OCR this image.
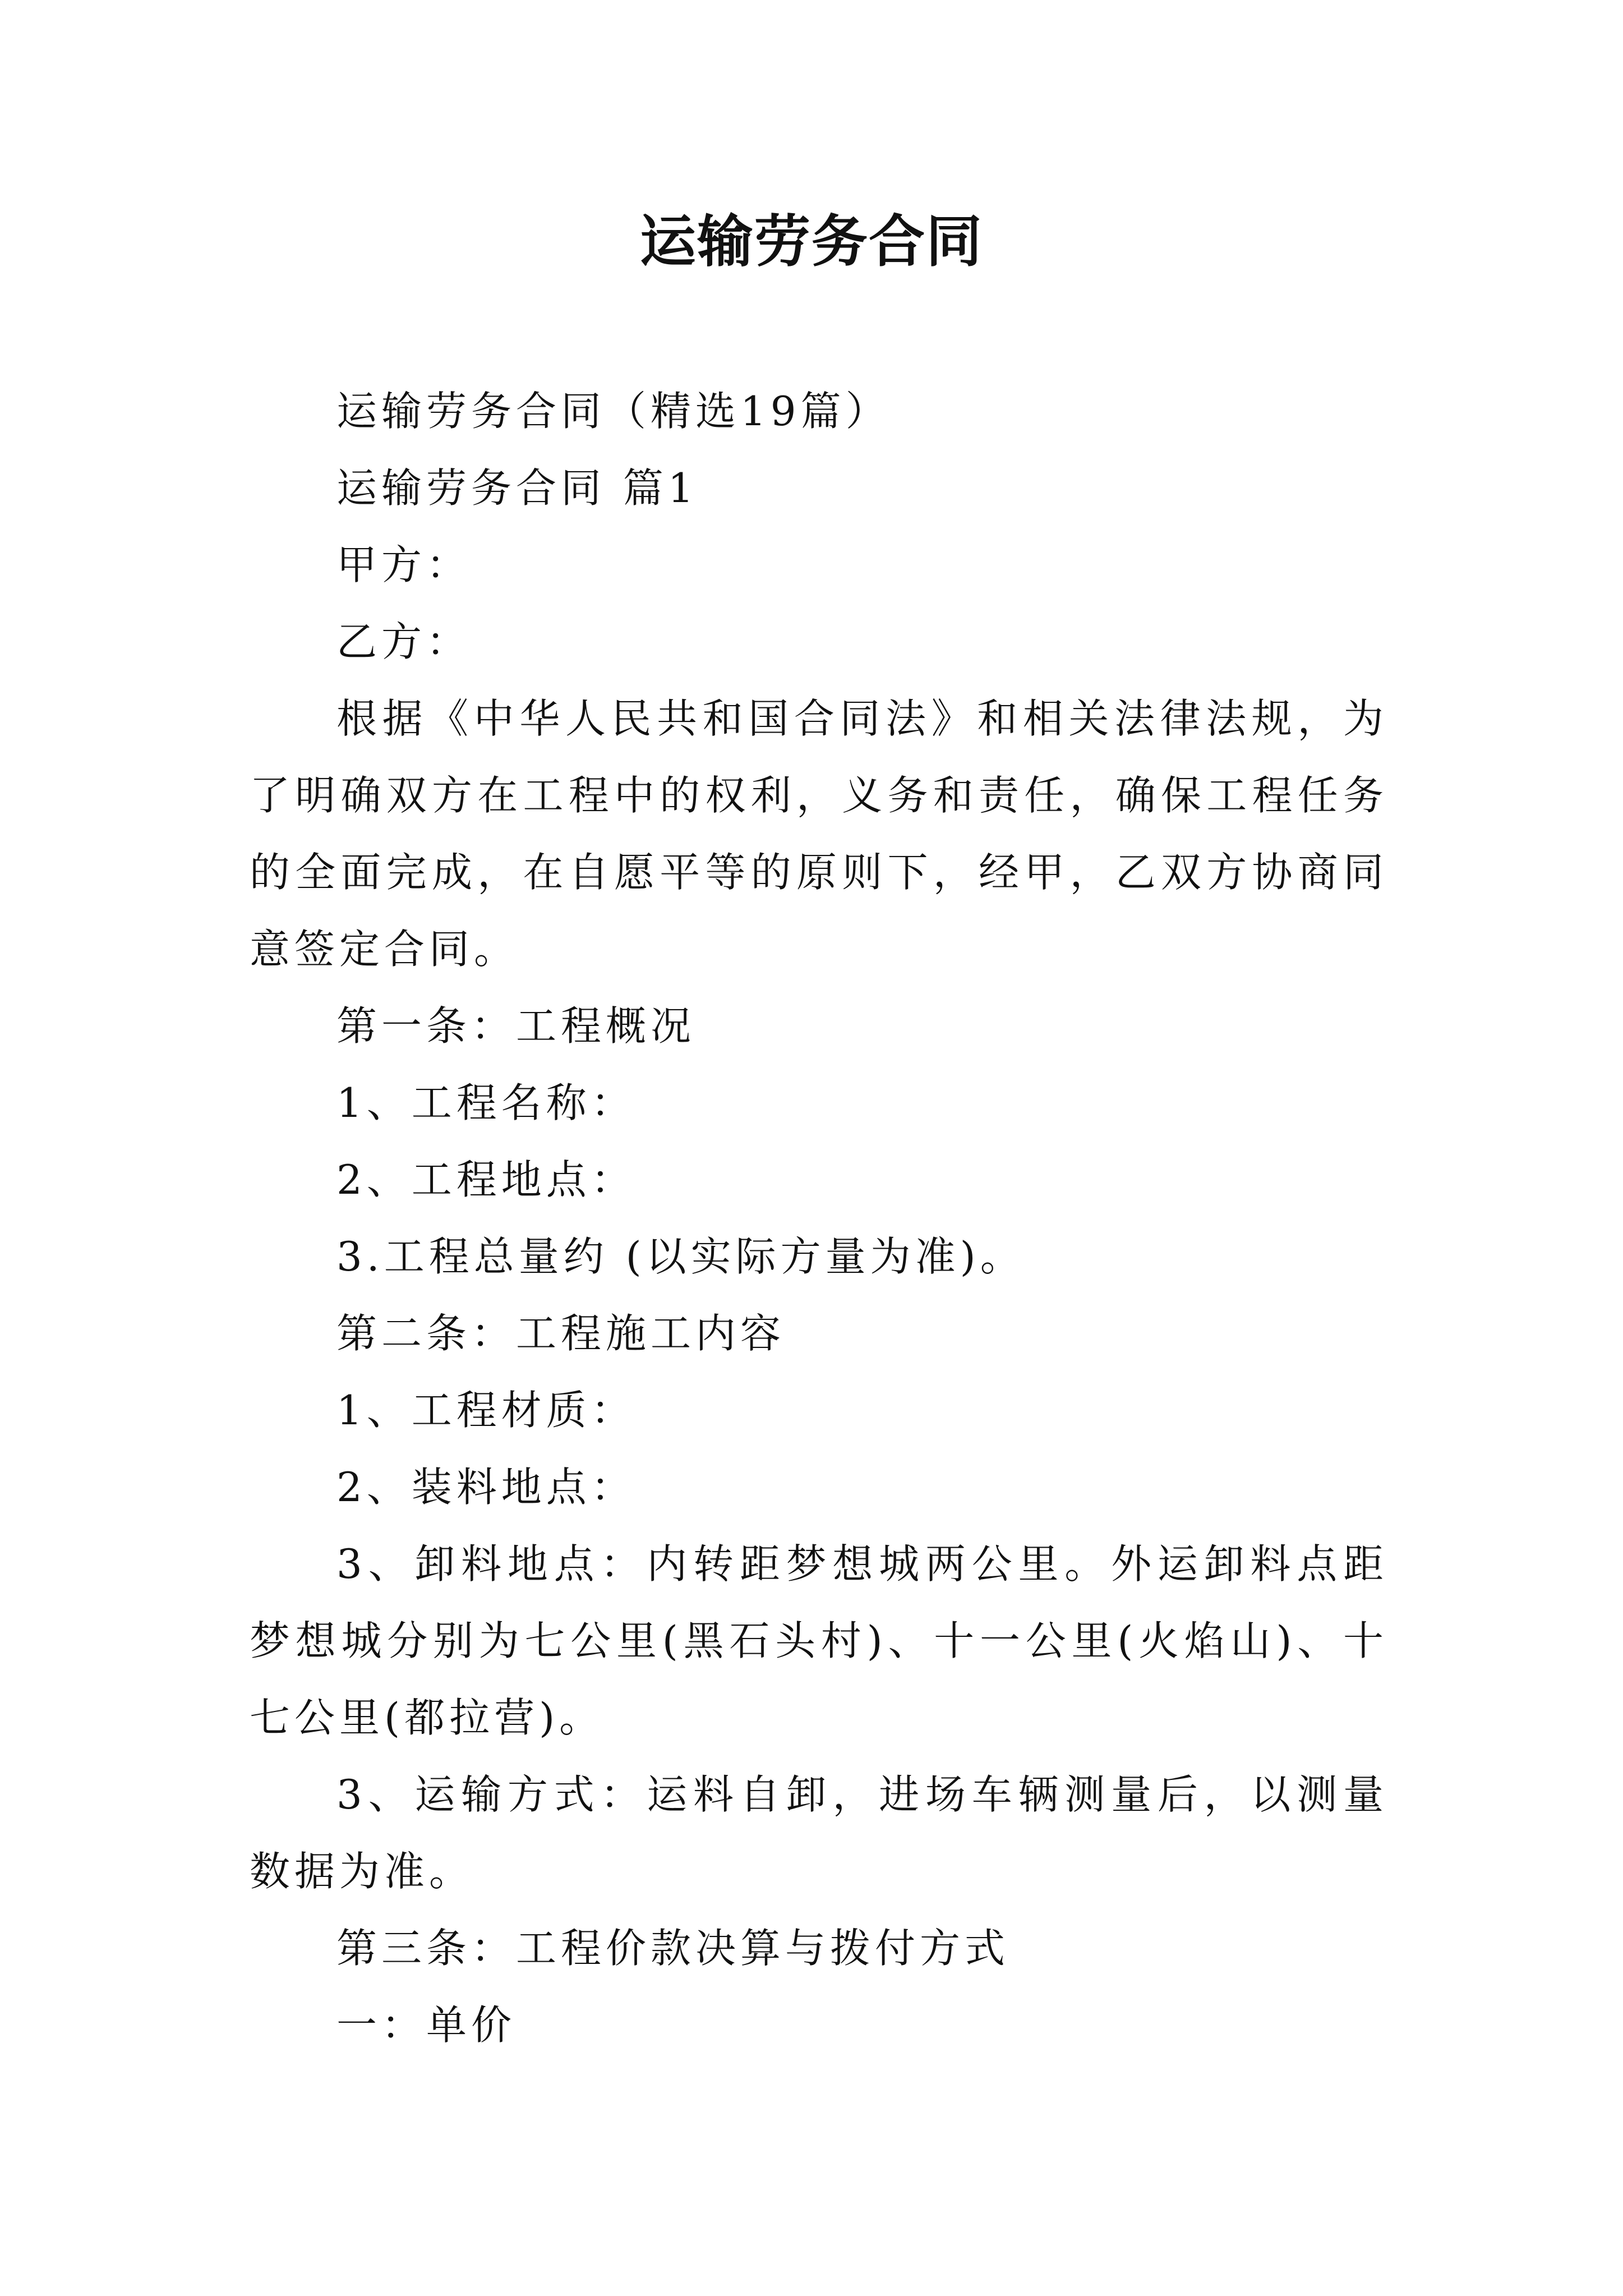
运输劳务合同

运输劳务合同（精选19篇）

运输劳务合同 篇1

甲方：

乙方：

根据《中华人民共和国合同法》和相关法律法规，为了明确双方在工程中的权利，义务和责任，确保工程任务的全面完成，在自愿平等的原则下，经甲，乙双方协商同意签定合同。

第一条：工程概况

1、工程名称：

2、工程地点：

3.工程总量约 (以实际方量为准)。

第二条：工程施工内容

1、工程材质：

2、装料地点：

3、卸料地点：内转距梦想城两公里。外运卸料点距梦想城分别为七公里(黑石头村)、十一公里(火焰山)、十七公里(都拉营)。

3、运输方式：运料自卸，进场车辆测量后，以测量数据为准。

第三条：工程价款决算与拨付方式

一：单价
